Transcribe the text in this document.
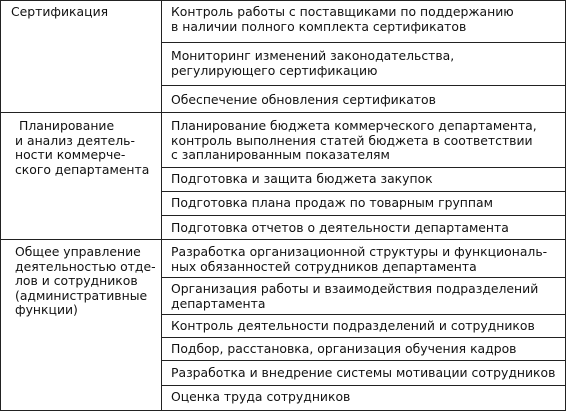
Сертификация	Контроль работы с поставщиками по поддержанию
в наличии полного комплекта сертификатов
Мониторинг изменений законодательства,
регулирующего сертификацию
Обеспечение обновления сертификатов
Планирование
и анализ деятель-
ности коммерче-
ского департамента
Планирование бюджета коммерческого департамента,
контроль выполнения статей бюджета в соответствии
с запланированным показателям
Подготовка и защита бюджета закупок
Подготовка плана продаж по товарным группам
Подготовка отчетов о деятельности департамента
Общее управление
деятельностью отде-
лов и сотрудников
(административные
функции)
Разработка организационной структуры и функциональ-
ных обязанностей сотрудников департамента
Организация работы и взаимодействия подразделений
департамента
Контроль деятельности подразделений и сотрудников
Подбор, расстановка, организация обучения кадров
Разработка и внедрение системы мотивации сотрудников
Оценка труда сотрудников
